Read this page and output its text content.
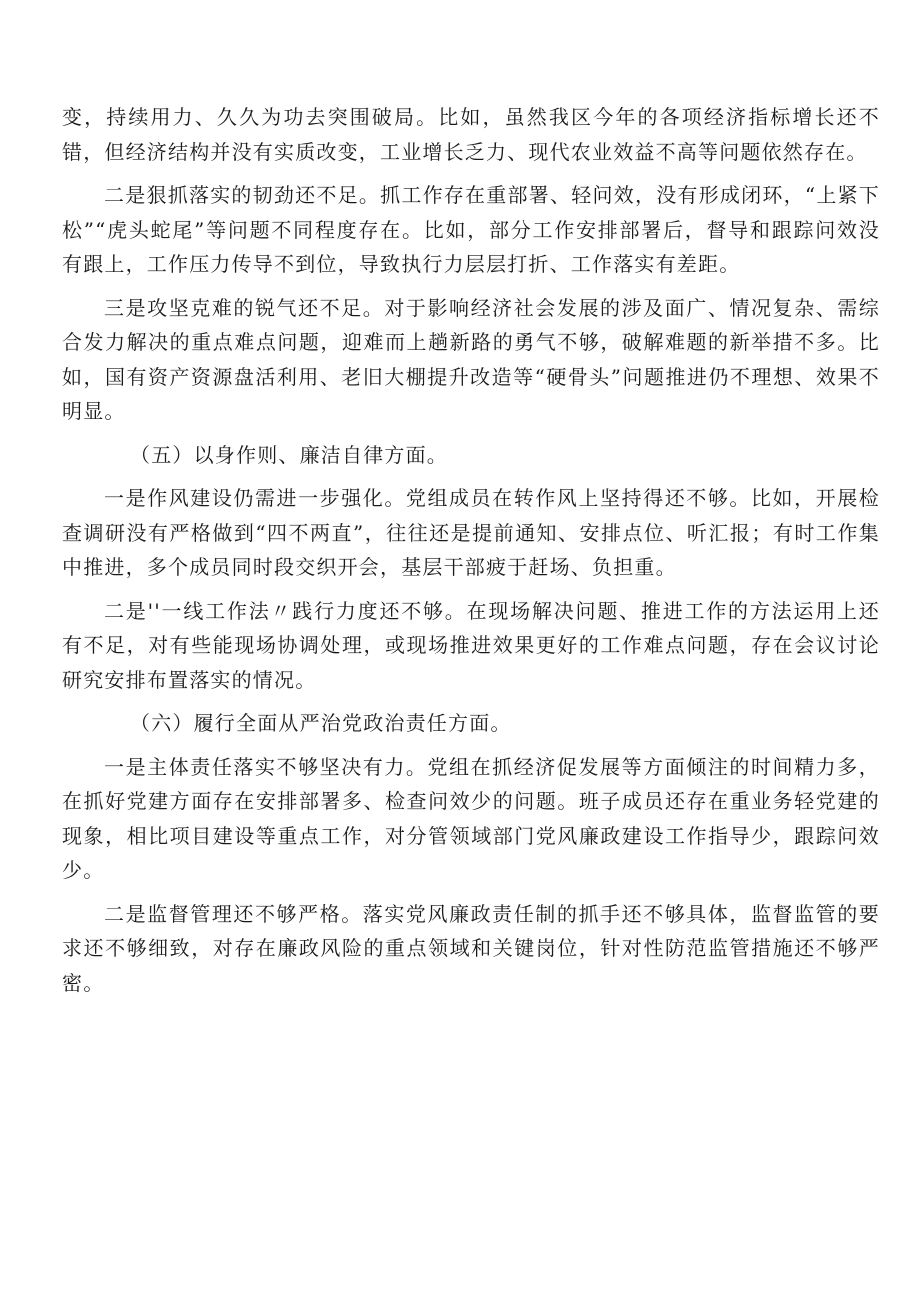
变，持续用力、久久为功去突围破局。比如，虽然我区今年的各项经济指标增长还不错，但经济结构并没有实质改变，工业增长乏力、现代农业效益不高等问题依然存在。

二是狠抓落实的韧劲还不足。抓工作存在重部署、轻问效，没有形成闭环，“上紧下松”“虎头蛇尾”等问题不同程度存在。比如，部分工作安排部署后，督导和跟踪问效没有跟上，工作压力传导不到位，导致执行力层层打折、工作落实有差距。

三是攻坚克难的锐气还不足。对于影响经济社会发展的涉及面广、情况复杂、需综合发力解决的重点难点问题，迎难而上趟新路的勇气不够，破解难题的新举措不多。比如，国有资产资源盘活利用、老旧大棚提升改造等“硬骨头”问题推进仍不理想、效果不明显。

（五）以身作则、廉洁自律方面。

一是作风建设仍需进一步强化。党组成员在转作风上坚持得还不够。比如，开展检查调研没有严格做到“四不两直”，往往还是提前通知、安排点位、听汇报；有时工作集中推进，多个成员同时段交织开会，基层干部疲于赶场、负担重。

二是''一线工作法〃践行力度还不够。在现场解决问题、推进工作的方法运用上还有不足，对有些能现场协调处理，或现场推进效果更好的工作难点问题，存在会议讨论研究安排布置落实的情况。

（六）履行全面从严治党政治责任方面。

一是主体责任落实不够坚决有力。党组在抓经济促发展等方面倾注的时间精力多，在抓好党建方面存在安排部署多、检查问效少的问题。班子成员还存在重业务轻党建的现象，相比项目建设等重点工作，对分管领域部门党风廉政建设工作指导少，跟踪问效少。

二是监督管理还不够严格。落实党风廉政责任制的抓手还不够具体，监督监管的要求还不够细致，对存在廉政风险的重点领域和关键岗位，针对性防范监管措施还不够严密。
